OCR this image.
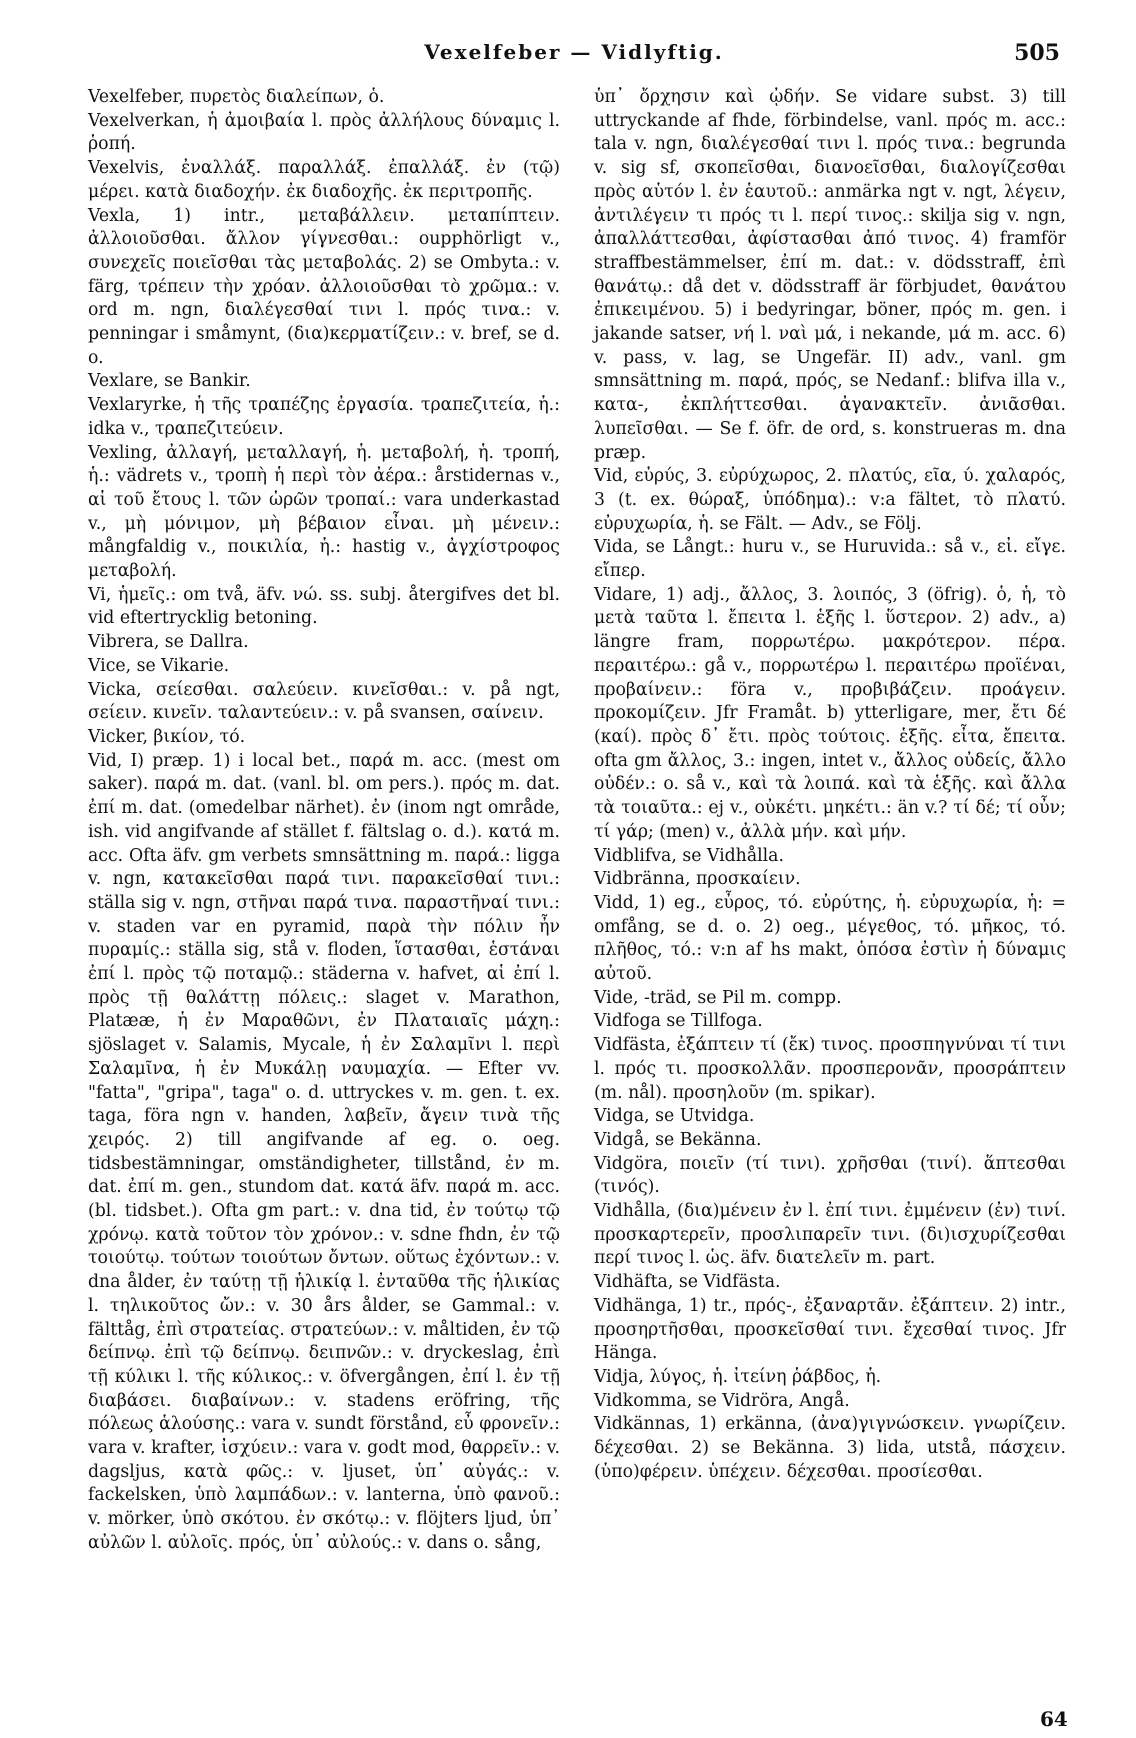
Vexelfeber — Vidlyftig.	505

Vexelfeber, πυρετὸς διαλείπων, ὁ.

Vexelverkan, ἡ ἀμοιβαία l. πρὸς ἀλλήλους δύναμις l. ῥοπή.

Vexelvis, ἐναλλάξ. παραλλάξ. ἐπαλλάξ. ἐν (τῷ) μέρει. κατὰ διαδοχήν. ἐκ διαδοχῆς. ἐκ περιτροπῆς.

Vexla, 1) intr., μεταβάλλειν. μεταπίπτειν. ἀλλοιοῦσθαι. ἄλλον γίγνεσθαι.: oupphörligt v., συνεχεῖς ποιεῖσθαι τὰς μεταβολάς. 2) se Ombyta.: v. färg, τρέπειν τὴν χρόαν. ἀλλοιοῦσθαι τὸ χρῶμα.: v. ord m. ngn, διαλέγεσθαί τινι l. πρός τινα.: v. penningar i småmynt, (δια)κερματίζειν.: v. bref, se d. o.

Vexlare, se Bankir.

Vexlaryrke, ἡ τῆς τραπέζης ἐργασία. τραπεζιτεία, ἡ.: idka v., τραπεζιτεύειν.

Vexling, ἀλλαγή, μεταλλαγή, ἡ. μεταβολή, ἡ. τροπή, ἡ.: vädrets v., τροπὴ ἡ περὶ τὸν ἀέρα.: årstidernas v., αἱ τοῦ ἔτους l. τῶν ὡρῶν τροπαί.: vara underkastad v., μὴ μόνιμον, μὴ βέβαιον εἶναι. μὴ μένειν.: mångfaldig v., ποικιλία, ἡ.: hastig v., ἀγχίστροφος μεταβολή.

Vi, ἡμεῖς.: om två, äfv. νώ. ss. subj. återgifves det bl. vid eftertrycklig betoning.

Vibrera, se Dallra.

Vice, se Vikarie.

Vicka, σείεσθαι. σαλεύειν. κινεῖσθαι.: v. på ngt, σείειν. κινεῖν. ταλαντεύειν.: v. på svansen, σαίνειν.

Vicker, βικίον, τό.

Vid, I) præp. 1) i local bet., παρά m. acc. (mest om saker). παρά m. dat. (vanl. bl. om pers.). πρός m. dat. ἐπί m. dat. (omedelbar närhet). ἐν (inom ngt område, ish. vid angifvande af stället f. fältslag o. d.). κατά m. acc. Ofta äfv. gm verbets smnsättning m. παρά.: ligga v. ngn, κατακεῖσθαι παρά τινι. παρακεῖσθαί τινι.: ställa sig v. ngn, στῆναι παρά τινα. παραστῆναί τινι.: v. staden var en pyramid, παρὰ τὴν πόλιν ἦν πυραμίς.: ställa sig, stå v. floden, ἵστασθαι, ἑστάναι ἐπί l. πρὸς τῷ ποταμῷ.: städerna v. hafvet, αἱ ἐπί l. πρὸς τῇ θαλάττῃ πόλεις.: slaget v. Marathon, Platææ, ἡ ἐν Μαραθῶνι, ἐν Πλαταιαῖς μάχη.: sjöslaget v. Salamis, Mycale, ἡ ἐν Σαλαμῖνι l. περὶ Σαλαμῖνα, ἡ ἐν Μυκάλῃ ναυμαχία. — Efter vv. "fatta", "gripa", taga" o. d. uttryckes v. m. gen. t. ex. taga, föra ngn v. handen, λαβεῖν, ἄγειν τινὰ τῆς χειρός. 2) till angifvande af eg. o. oeg. tidsbestämningar, omständigheter, tillstånd, ἐν m. dat. ἐπί m. gen., stundom dat. κατά äfv. παρά m. acc. (bl. tidsbet.). Ofta gm part.: v. dna tid, ἐν τούτῳ τῷ χρόνῳ. κατὰ τοῦτον τὸν χρόνον.: v. sdne fhdn, ἐν τῷ τοιούτῳ. τούτων τοιούτων ὄντων. οὕτως ἐχόντων.: v. dna ålder, ἐν ταύτῃ τῇ ἡλικίᾳ l. ἐνταῦθα τῆς ἡλικίας l. τηλικοῦτος ὤν.: v. 30 års ålder, se Gammal.: v. fälttåg, ἐπὶ στρατείας. στρατεύων.: v. måltiden, ἐν τῷ δείπνῳ. ἐπὶ τῷ δείπνῳ. δειπνῶν.: v. dryckeslag, ἐπὶ τῇ κύλικι l. τῆς κύλικος.: v. öfvergången, ἐπί l. ἐν τῇ διαβάσει. διαβαίνων.: v. stadens eröfring, τῆς πόλεως ἁλούσης.: vara v. sundt förstånd, εὖ φρονεῖν.: vara v. krafter, ἰσχύειν.: vara v. godt mod, θαρρεῖν.: v. dagsljus, κατὰ φῶς.: v. ljuset, ὑπ᾽ αὐγάς.: v. fackelsken, ὑπὸ λαμπάδων.: v. lanterna, ὑπὸ φανοῦ.: v. mörker, ὑπὸ σκότου. ἐν σκότῳ.: v. flöjters ljud, ὑπ᾽ αὐλῶν l. αὐλοῖς. πρός, ὑπ᾽ αὐλούς.: v. dans o. sång,

ὑπ᾽ ὄρχησιν καὶ ᾠδήν. Se vidare subst. 3) till uttryckande af fhde, förbindelse, vanl. πρός m. acc.: tala v. ngn, διαλέγεσθαί τινι l. πρός τινα.: begrunda v. sig sf, σκοπεῖσθαι, διανοεῖσθαι, διαλογίζεσθαι πρὸς αὑτόν l. ἐν ἑαυτοῦ.: anmärka ngt v. ngt, λέγειν, ἀντιλέγειν τι πρός τι l. περί τινος.: skilja sig v. ngn, ἀπαλλάττεσθαι, ἀφίστασθαι ἀπό τινος. 4) framför straffbestämmelser, ἐπί m. dat.: v. dödsstraff, ἐπὶ θανάτῳ.: då det v. dödsstraff är förbjudet, θανάτου ἐπικειμένου. 5) i bedyringar, böner, πρός m. gen. i jakande satser, νή l. ναὶ μά, i nekande, μά m. acc. 6) v. pass, v. lag, se Ungefär. II) adv., vanl. gm smnsättning m. παρά, πρός, se Nedanf.: blifva illa v., κατα-, ἐκπλήττεσθαι. ἀγανακτεῖν. ἀνιᾶσθαι. λυπεῖσθαι. — Se f. öfr. de ord, s. konstrueras m. dna præp.

Vid, εὐρύς, 3. εὐρύχωρος, 2. πλατύς, εῖα, ύ. χαλαρός, 3 (t. ex. θώραξ, ὑπόδημα).: v:a fältet, τὸ πλατύ. εὐρυχωρία, ἡ. se Fält. — Adv., se Följ.

Vida, se Långt.: huru v., se Huruvida.: så v., εἰ. εἴγε. εἴπερ.

Vidare, 1) adj., ἄλλος, 3. λοιπός, 3 (öfrig). ὁ, ἡ, τὸ μετὰ ταῦτα l. ἔπειτα l. ἑξῆς l. ὕστερον. 2) adv., a) längre fram, πορρωτέρω. μακρότερον. πέρα. περαιτέρω.: gå v., πορρωτέρω l. περαιτέρω προϊέναι, προβαίνειν.: föra v., προβιβάζειν. προάγειν. προκομίζειν. Jfr Framåt. b) ytterligare, mer, ἔτι δέ (καί). πρὸς δ᾽ ἔτι. πρὸς τούτοις. ἑξῆς. εἶτα, ἔπειτα. ofta gm ἄλλος, 3.: ingen, intet v., ἄλλος οὐδείς, ἄλλο οὐδέν.: o. så v., καὶ τὰ λοιπά. καὶ τὰ ἑξῆς. καὶ ἄλλα τὰ τοιαῦτα.: ej v., οὐκέτι. μηκέτι.: än v.? τί δέ; τί οὖν; τί γάρ; (men) v., ἀλλὰ μήν. καὶ μήν.

Vidblifva, se Vidhålla.

Vidbränna, προσκαίειν.

Vidd, 1) eg., εὖρος, τό. εὐρύτης, ἡ. εὐρυχωρία, ἡ: = omfång, se d. o. 2) oeg., μέγεθος, τό. μῆκος, τό. πλῆθος, τό.: v:n af hs makt, ὁπόσα ἐστὶν ἡ δύναμις αὐτοῦ.

Vide, -träd, se Pil m. compp.

Vidfoga se Tillfoga.

Vidfästa, ἐξάπτειν τί (ἔκ) τινος. προσπηγνύναι τί τινι l. πρός τι. προσκολλᾶν. προσπερονᾶν, προσράπτειν (m. nål). προσηλοῦν (m. spikar).

Vidga, se Utvidga.

Vidgå, se Bekänna.

Vidgöra, ποιεῖν (τί τινι). χρῆσθαι (τινί). ἅπτεσθαι (τινός).

Vidhålla, (δια)μένειν ἐν l. ἐπί τινι. ἐμμένειν (ἐν) τινί. προσκαρτερεῖν, προσλιπαρεῖν τινι. (δι)ισχυρίζεσθαι περί τινος l. ὡς. äfv. διατελεῖν m. part.

Vidhäfta, se Vidfästa.

Vidhänga, 1) tr., πρός-, ἐξαναρτᾶν. ἐξάπτειν. 2) intr., προσηρτῆσθαι, προσκεῖσθαί τινι. ἔχεσθαί τινος. Jfr Hänga.

Vidja, λύγος, ἡ. ἰτείνη ῥάβδος, ἡ.

Vidkomma, se Vidröra, Angå.

Vidkännas, 1) erkänna, (ἀνα)γιγνώσκειν. γνωρίζειν. δέχεσθαι. 2) se Bekänna. 3) lida, utstå, πάσχειν. (ὑπο)φέρειν. ὑπέχειν. δέχεσθαι. προσίεσθαι.

64
